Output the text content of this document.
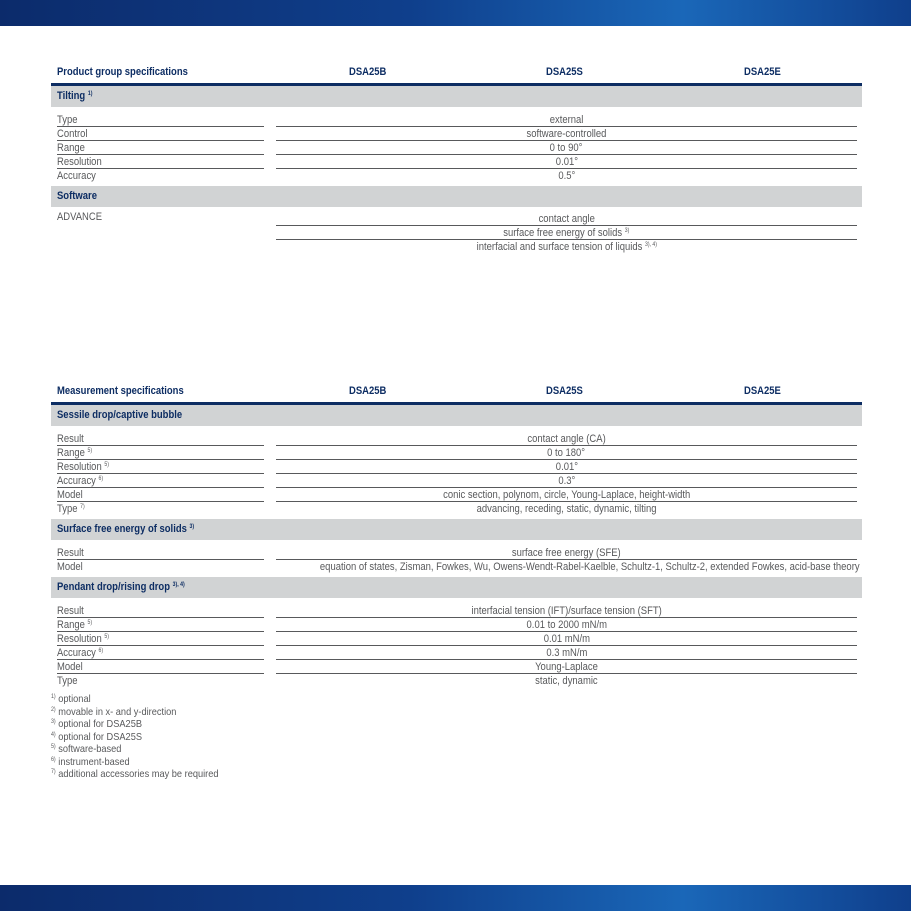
Product group specifications	DSA25B	DSA25S	DSA25E
Tilting $^{1)}$
Type	external
Control	software-controlled
Range	0 to 90°
Resolution	0.01°
Accuracy	0.5°
Software
ADVANCE	contact angle
surface free energy of solids $^{3)}$
interfacial and surface tension of liquids $^{3), 4)}$
Measurement specifications	DSA25B	DSA25S	DSA25E
Sessile drop/captive bubble
Result	contact angle (CA)
Range $^{5)}$	0 to 180°
Resolution $^{5)}$	0.01°
Accuracy $^{6)}$	0.3°
Model	conic section, polynom, circle, Young-Laplace, height-width
Type $^{7)}$	advancing, receding, static, dynamic, tilting
Surface free energy of solids $^{3)}$
Result	surface free energy (SFE)
Model	equation of states, Zisman, Fowkes, Wu, Owens-Wendt-Rabel-Kaelble, Schultz-1, Schultz-2, extended Fowkes, acid-base theory
Pendant drop/rising drop $^{3), 4)}$
Result	interfacial tension (IFT)/surface tension (SFT)
Range $^{5)}$	0.01 to 2000 mN/m
Resolution $^{5)}$	0.01 mN/m
Accuracy $^{6)}$	0.3 mN/m
Model	Young-Laplace
Type	static, dynamic
$^{1)}$ optional
$^{2)}$ movable in x- and y-direction
$^{3)}$ optional for DSA25B
$^{4)}$ optional for DSA25S
$^{5)}$ software-based
$^{6)}$ instrument-based
$^{7)}$ additional accessories may be required
